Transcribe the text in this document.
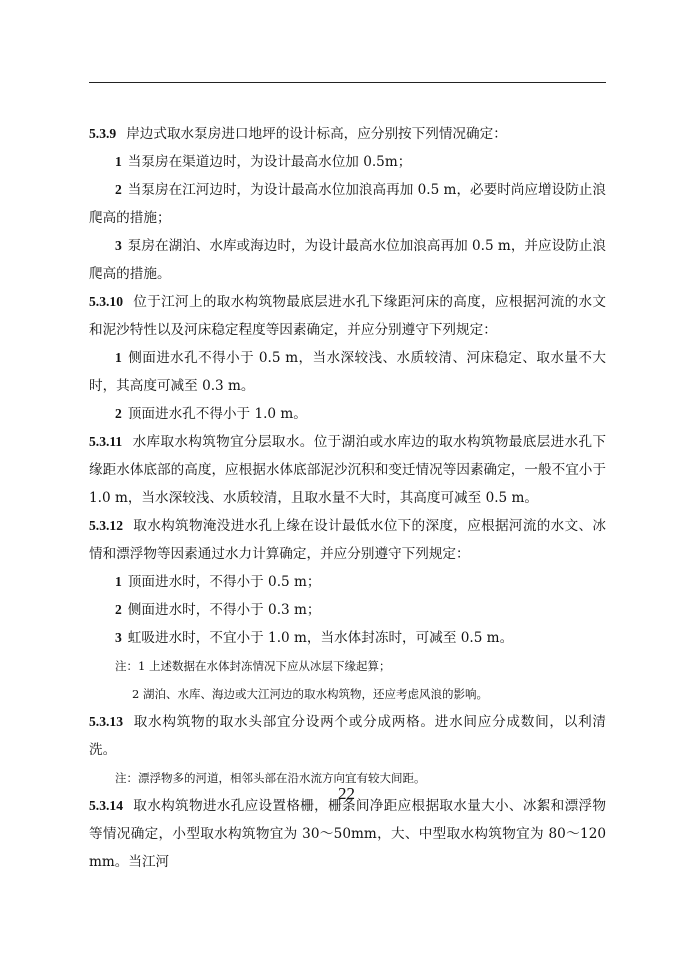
5.3.9 岸边式取水泵房进口地坪的设计标高，应分别按下列情况确定：

1 当泵房在渠道边时，为设计最高水位加 0.5m；

2 当泵房在江河边时，为设计最高水位加浪高再加 0.5 m，必要时尚应增设防止浪爬高的措施；

3 泵房在湖泊、水库或海边时，为设计最高水位加浪高再加 0.5 m，并应设防止浪爬高的措施。

5.3.10 位于江河上的取水构筑物最底层进水孔下缘距河床的高度，应根据河流的水文和泥沙特性以及河床稳定程度等因素确定，并应分别遵守下列规定：

1 侧面进水孔不得小于 0.5 m，当水深较浅、水质较清、河床稳定、取水量不大时，其高度可减至 0.3 m。

2 顶面进水孔不得小于 1.0 m。

5.3.11 水库取水构筑物宜分层取水。位于湖泊或水库边的取水构筑物最底层进水孔下缘距水体底部的高度，应根据水体底部泥沙沉积和变迁情况等因素确定，一般不宜小于 1.0 m，当水深较浅、水质较清，且取水量不大时，其高度可减至 0.5 m。

5.3.12 取水构筑物淹没进水孔上缘在设计最低水位下的深度，应根据河流的水文、冰情和漂浮物等因素通过水力计算确定，并应分别遵守下列规定：

1 顶面进水时，不得小于 0.5 m；

2 侧面进水时，不得小于 0.3 m；

3 虹吸进水时，不宜小于 1.0 m，当水体封冻时，可减至 0.5 m。

注：1 上述数据在水体封冻情况下应从冰层下缘起算；

2 湖泊、水库、海边或大江河边的取水构筑物，还应考虑风浪的影响。

5.3.13 取水构筑物的取水头部宜分设两个或分成两格。进水间应分成数间，以利清洗。

注：漂浮物多的河道，相邻头部在沿水流方向宜有较大间距。

5.3.14 取水构筑物进水孔应设置格栅，栅条间净距应根据取水量大小、冰絮和漂浮物等情况确定，小型取水构筑物宜为 30～50mm，大、中型取水构筑物宜为 80～120 mm。当江河

22
